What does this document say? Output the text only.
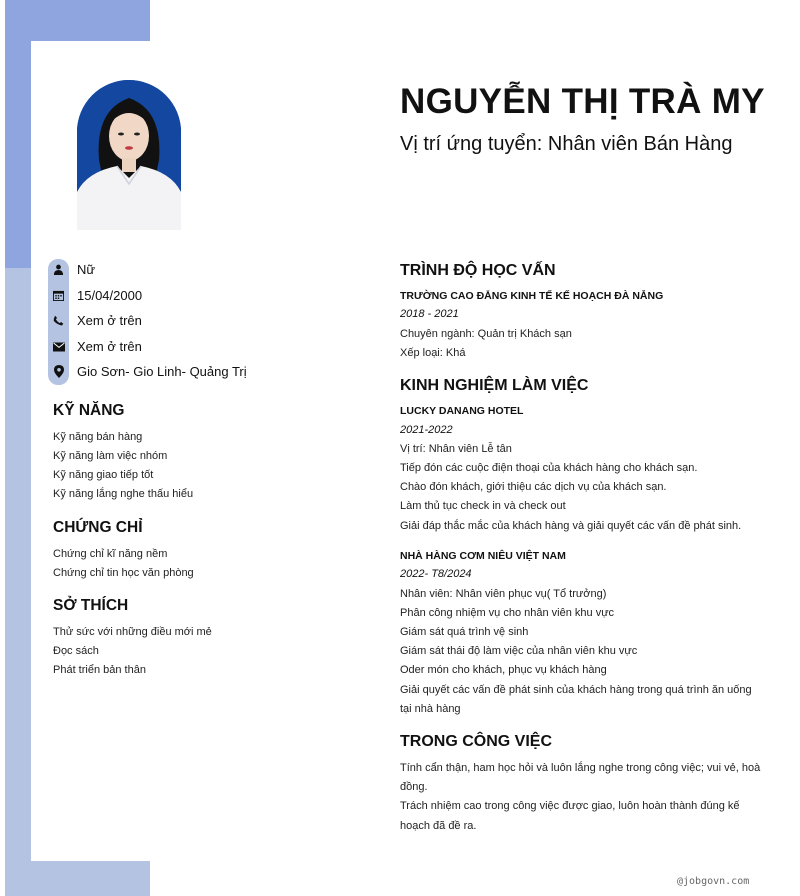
NGUYỄN THỊ TRÀ MY
Vị trí ứng tuyển: Nhân viên Bán Hàng
Nữ
15/04/2000
Xem ở trên
Xem ở trên
Gio Sơn- Gio Linh- Quảng Trị
KỸ NĂNG
Kỹ năng bán hàng
Kỹ năng làm việc nhóm
Kỹ năng giao tiếp tốt
Kỹ năng lắng nghe thấu hiểu
CHỨNG CHỈ
Chứng chỉ kĩ năng nềm
Chứng chỉ tin học văn phòng
SỞ THÍCH
Thử sức với những điều mới mẻ
Đọc sách
Phát triển bản thân
TRÌNH ĐỘ HỌC VẤN
TRƯỜNG CAO ĐẲNG KINH TẾ KẾ HOẠCH ĐÀ NẴNG
2018 - 2021
Chuyên ngành: Quản trị Khách sạn
Xếp loại: Khá
KINH NGHIỆM LÀM VIỆC
LUCKY DANANG HOTEL
2021-2022
Vị trí: Nhân viên Lễ tân
Tiếp đón các cuộc điện thoại của khách hàng cho khách sạn.
Chào đón khách, giới thiệu các dịch vụ của khách sạn.
Làm thủ tục check in và check out
Giải đáp thắc mắc của khách hàng và giải quyết các vấn đề phát sinh.
NHÀ HÀNG CƠM NIÊU VIỆT NAM
2022- T8/2024
Nhân viên: Nhân viên phục vụ( Tổ trưởng)
Phân công nhiệm vụ cho nhân viên khu vực
Giám sát quá trình vệ sinh
Giám sát thái độ làm việc của nhân viên khu vực
Oder món cho khách, phục vụ khách hàng
Giải quyết các vấn đề phát sinh của khách hàng trong quá trình ăn uống
tại nhà hàng
TRONG CÔNG VIỆC
Tính cẩn thận, ham học hỏi và luôn lắng nghe trong công việc; vui vẻ, hoà
đồng.
Trách nhiệm cao trong công việc được giao, luôn hoàn thành đúng kế
hoạch đã đề ra.
@jobgovn.com
